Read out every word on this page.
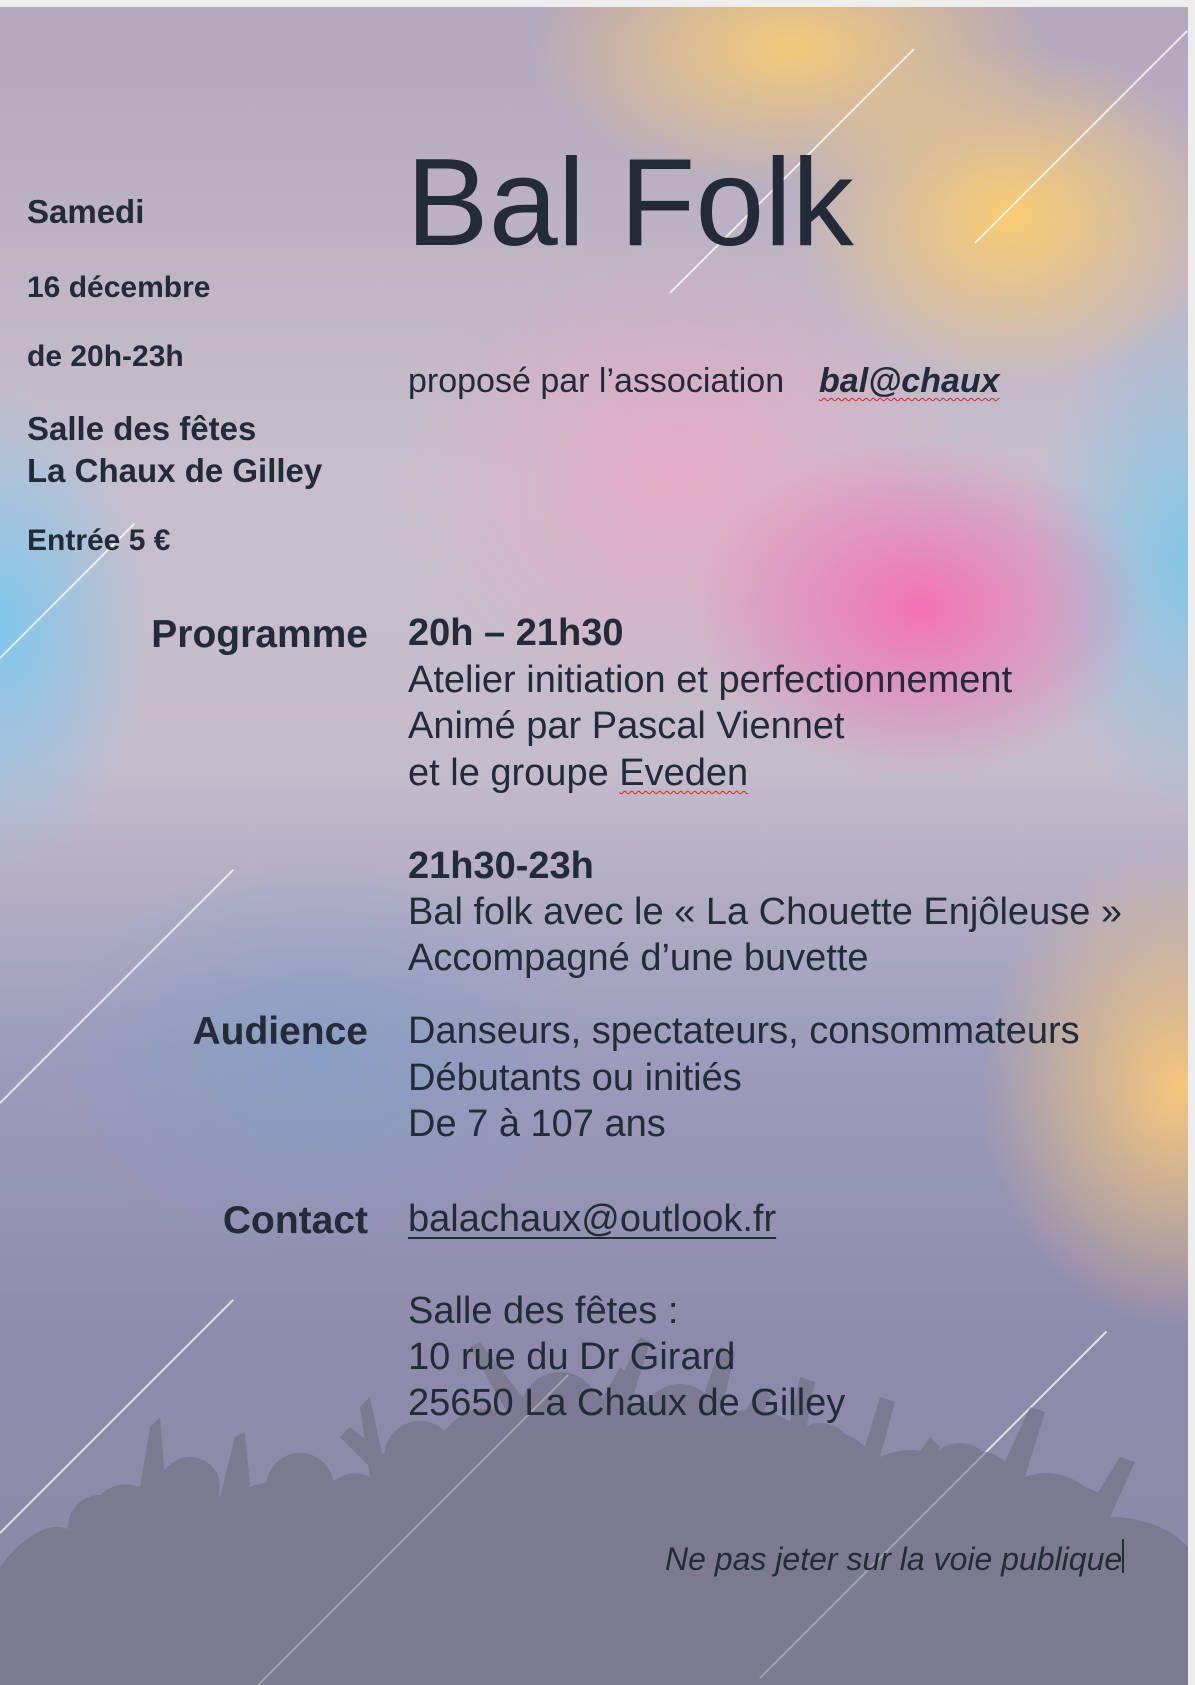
Samedi
16 décembre
de 20h-23h
Salle des fêtes
La Chaux de Gilley
Entrée 5 €
Bal Folk
proposé par l’association bal@chaux
Programme 20h – 21h30
Atelier initiation et perfectionnement
Animé par Pascal Viennet
et le groupe Eveden
21h30-23h
Bal folk avec le « La Chouette Enjôleuse »
Accompagné d’une buvette
Audience Danseurs, spectateurs, consommateurs
Débutants ou initiés
De 7 à 107 ans
Contact balachaux@outlook.fr
Salle des fêtes :
10 rue du Dr Girard
25650 La Chaux de Gilley
Ne pas jeter sur la voie publique
